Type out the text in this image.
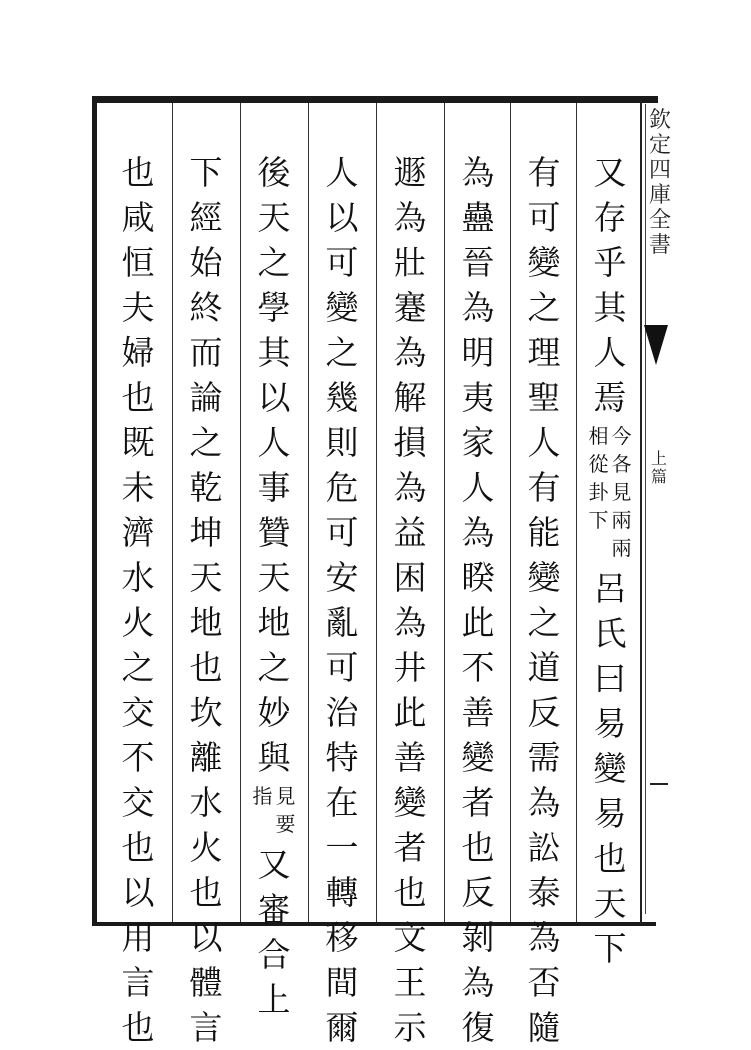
欽定四庫全書
上篇
又存乎其人焉
今各見兩兩
相從卦下
呂氏曰易變易也天下
有可變之理聖人有能變之道反需為訟泰為否隨
為蠱晉為明夷家人為睽此不善變者也反剝為復
遯為壯蹇為解損為益困為井此善變者也文王示
人以可變之幾則危可安亂可治特在一轉移間爾
後天之學其以人事贊天地之妙與
見要
指
又審合上
下經始終而論之乾坤天地也坎離水火也以體言
也咸恒夫婦也既未濟水火之交不交也以用言也
